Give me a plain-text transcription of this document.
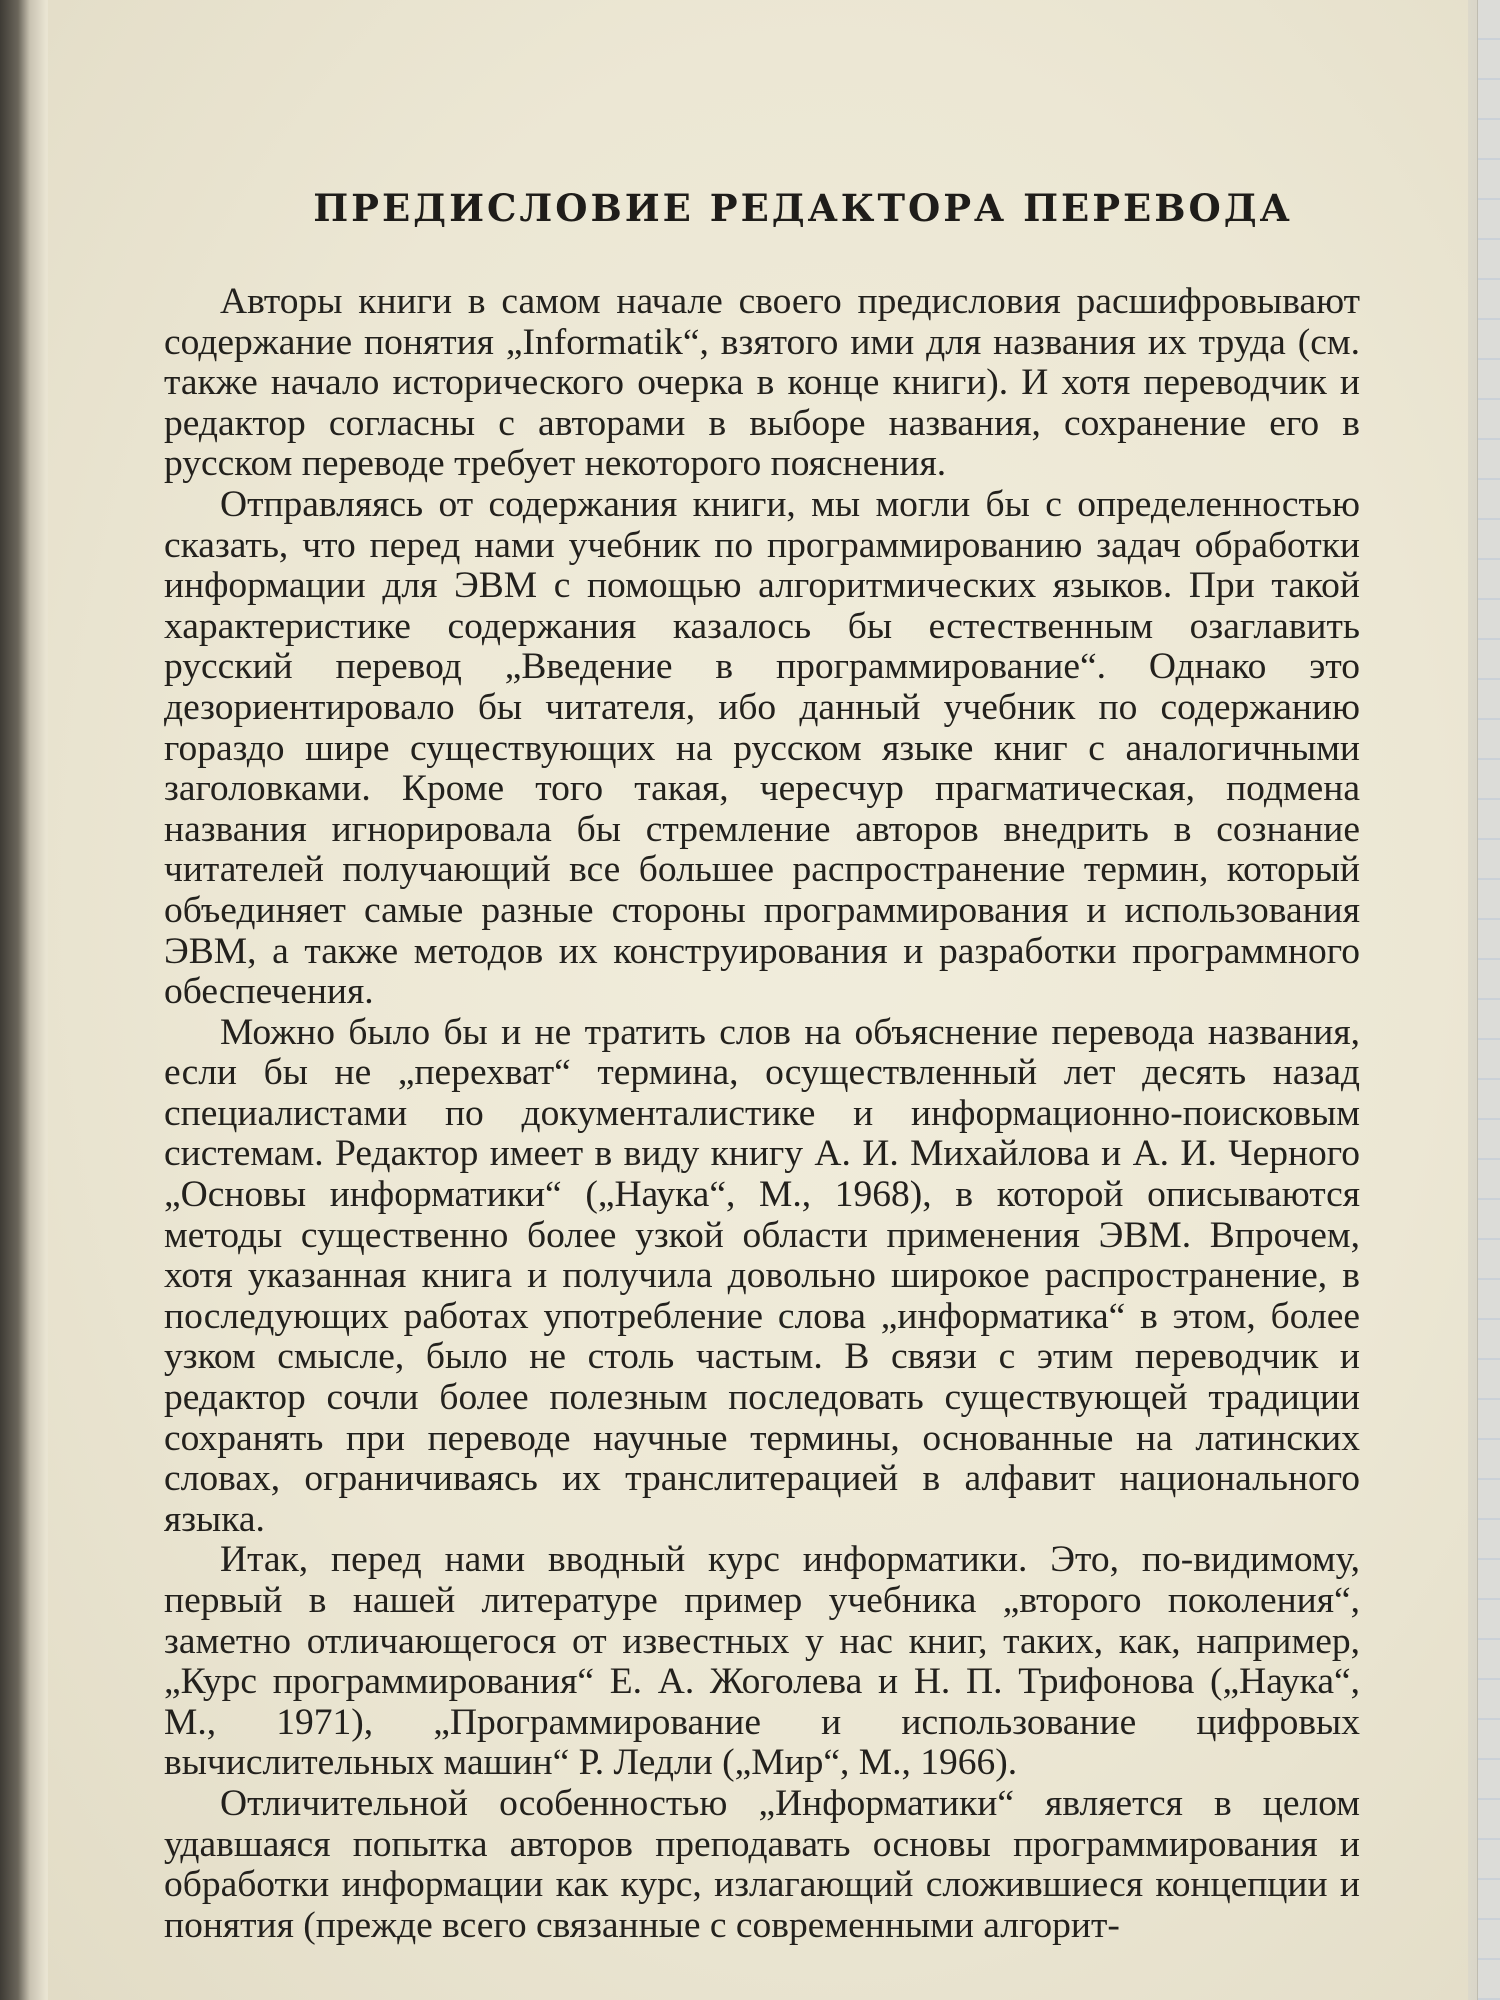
ПРЕДИСЛОВИЕ РЕДАКТОРА ПЕРЕВОДА

Авторы книги в самом начале своего предисловия расшифровывают содержание понятия „Informatik“, взятого ими для названия их труда (см. также начало исторического очерка в конце книги). И хотя переводчик и редактор согласны с авторами в выборе названия, сохранение его в русском переводе требует некоторого пояснения.

Отправляясь от содержания книги, мы могли бы с определенностью сказать, что перед нами учебник по программированию задач обработки информации для ЭВМ с помощью алгоритмических языков. При такой характеристике содержания казалось бы естественным озаглавить русский перевод „Введение в программирование“. Однако это дезориентировало бы читателя, ибо данный учебник по содержанию гораздо шире существующих на русском языке книг с аналогичными заголовками. Кроме того такая, чересчур прагматическая, подмена названия игнорировала бы стремление авторов внедрить в сознание читателей получающий все большее распространение термин, который объединяет самые разные стороны программирования и использования ЭВМ, а также методов их конструирования и разработки программного обеспечения.

Можно было бы и не тратить слов на объяснение перевода названия, если бы не „перехват“ термина, осуществленный лет десять назад специалистами по документалистике и информационно-поисковым системам. Редактор имеет в виду книгу А. И. Михайлова и А. И. Черного „Основы информатики“ („Наука“, М., 1968), в которой описываются методы существенно более узкой области применения ЭВМ. Впрочем, хотя указанная книга и получила довольно широкое распространение, в последующих работах употребление слова „информатика“ в этом, более узком смысле, было не столь частым. В связи с этим переводчик и редактор сочли более полезным последовать существующей традиции сохранять при переводе научные термины, основанные на латинских словах, ограничиваясь их транслитерацией в алфавит национального языка.

Итак, перед нами вводный курс информатики. Это, по-видимому, первый в нашей литературе пример учебника „второго поколения“, заметно отличающегося от известных у нас книг, таких, как, например, „Курс программирования“ Е. А. Жоголева и Н. П. Трифонова („Наука“, М., 1971), „Программирование и использование цифровых вычислительных машин“ Р. Ледли („Мир“, М., 1966).

Отличительной особенностью „Информатики“ является в целом удавшаяся попытка авторов преподавать основы программирования и обработки информации как курс, излагающий сложившиеся концепции и понятия (прежде всего связанные с современными алгорит-
